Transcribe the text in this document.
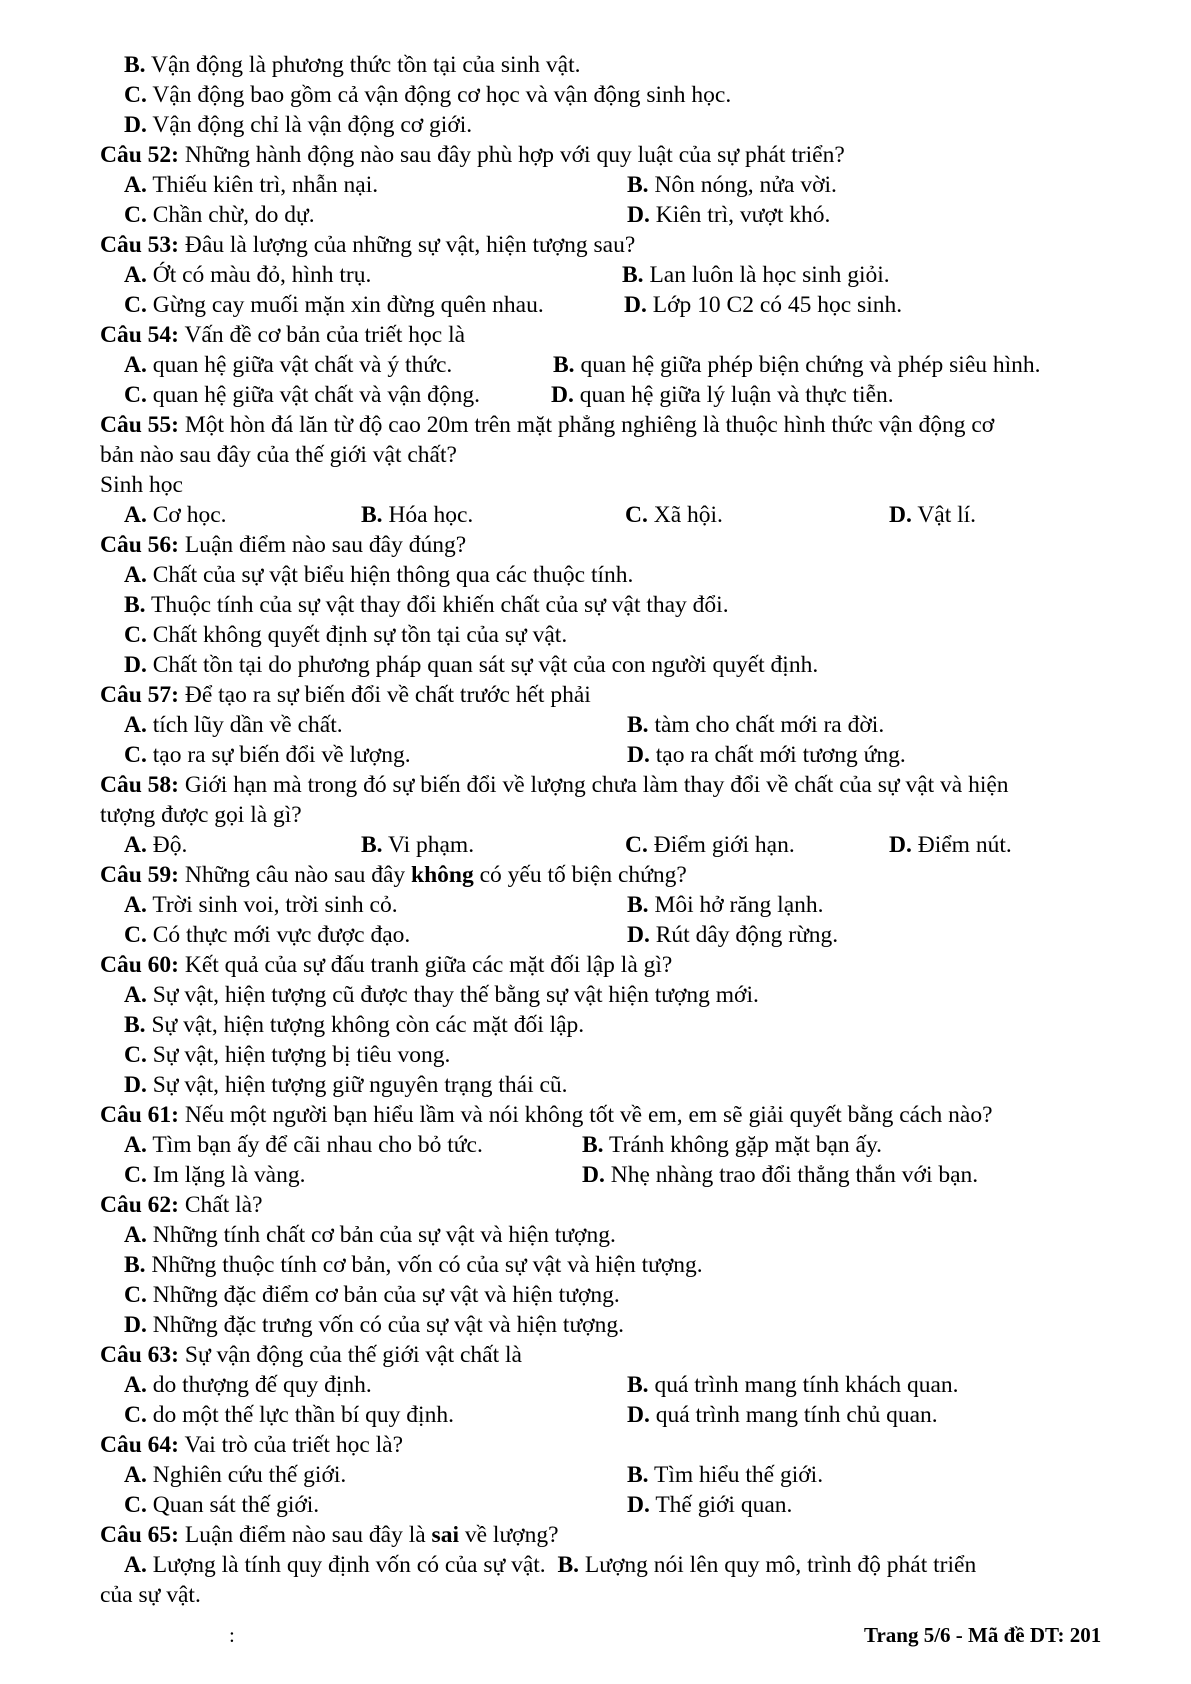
B. Vận động là phương thức tồn tại của sinh vật.
C. Vận động bao gồm cả vận động cơ học và vận động sinh học.
D. Vận động chỉ là vận động cơ giới.
Câu 52: Những hành động nào sau đây phù hợp với quy luật của sự phát triển?
A. Thiếu kiên trì, nhẫn nại.	B. Nôn nóng, nửa vời.
C. Chần chừ, do dự.	D. Kiên trì, vượt khó.
Câu 53: Đâu là lượng của những sự vật, hiện tượng sau?
A. Ớt có màu đỏ, hình trụ.	B. Lan luôn là học sinh giỏi.
C. Gừng cay muối mặn xin đừng quên nhau.	D. Lớp 10 C2 có 45 học sinh.
Câu 54: Vấn đề cơ bản của triết học là
A. quan hệ giữa vật chất và ý thức.	B. quan hệ giữa phép biện chứng và phép siêu hình.
C. quan hệ giữa vật chất và vận động.	D. quan hệ giữa lý luận và thực tiễn.
Câu 55: Một hòn đá lăn từ độ cao 20m trên mặt phẳng nghiêng là thuộc hình thức vận động cơ
bản nào sau đây của thế giới vật chất?
Sinh học
A. Cơ học.	B. Hóa học.	C. Xã hội.	D. Vật lí.
Câu 56: Luận điểm nào sau đây đúng?
A. Chất của sự vật biểu hiện thông qua các thuộc tính.
B. Thuộc tính của sự vật thay đổi khiến chất của sự vật thay đổi.
C. Chất không quyết định sự tồn tại của sự vật.
D. Chất tồn tại do phương pháp quan sát sự vật của con người quyết định.
Câu 57: Để tạo ra sự biến đổi về chất trước hết phải
A. tích lũy dần về chất.	B. tàm cho chất mới ra đời.
C. tạo ra sự biến đổi về lượng.	D. tạo ra chất mới tương ứng.
Câu 58: Giới hạn mà trong đó sự biến đổi về lượng chưa làm thay đổi về chất của sự vật và hiện
tượng được gọi là gì?
A. Độ.	B. Vi phạm.	C. Điểm giới hạn.	D. Điểm nút.
Câu 59: Những câu nào sau đây không có yếu tố biện chứng?
A. Trời sinh voi, trời sinh cỏ.	B. Môi hở răng lạnh.
C. Có thực mới vực được đạo.	D. Rút dây động rừng.
Câu 60: Kết quả của sự đấu tranh giữa các mặt đối lập là gì?
A. Sự vật, hiện tượng cũ được thay thế bằng sự vật hiện tượng mới.
B. Sự vật, hiện tượng không còn các mặt đối lập.
C. Sự vật, hiện tượng bị tiêu vong.
D. Sự vật, hiện tượng giữ nguyên trạng thái cũ.
Câu 61: Nếu một người bạn hiểu lầm và nói không tốt về em, em sẽ giải quyết bằng cách nào?
A. Tìm bạn ấy để cãi nhau cho bỏ tức.	B. Tránh không gặp mặt bạn ấy.
C. Im lặng là vàng.	D. Nhẹ nhàng trao đổi thẳng thắn với bạn.
Câu 62: Chất là?
A. Những tính chất cơ bản của sự vật và hiện tượng.
B. Những thuộc tính cơ bản, vốn có của sự vật và hiện tượng.
C. Những đặc điểm cơ bản của sự vật và hiện tượng.
D. Những đặc trưng vốn có của sự vật và hiện tượng.
Câu 63: Sự vận động của thế giới vật chất là
A. do thượng đế quy định.	B. quá trình mang tính khách quan.
C. do một thế lực thần bí quy định.	D. quá trình mang tính chủ quan.
Câu 64: Vai trò của triết học là?
A. Nghiên cứu thế giới.	B. Tìm hiểu thế giới.
C. Quan sát thế giới.	D. Thế giới quan.
Câu 65: Luận điểm nào sau đây là sai về lượng?
A. Lượng là tính quy định vốn có của sự vật. B. Lượng nói lên quy mô, trình độ phát triển
của sự vật.
:	Trang 5/6 - Mã đề DT: 201
